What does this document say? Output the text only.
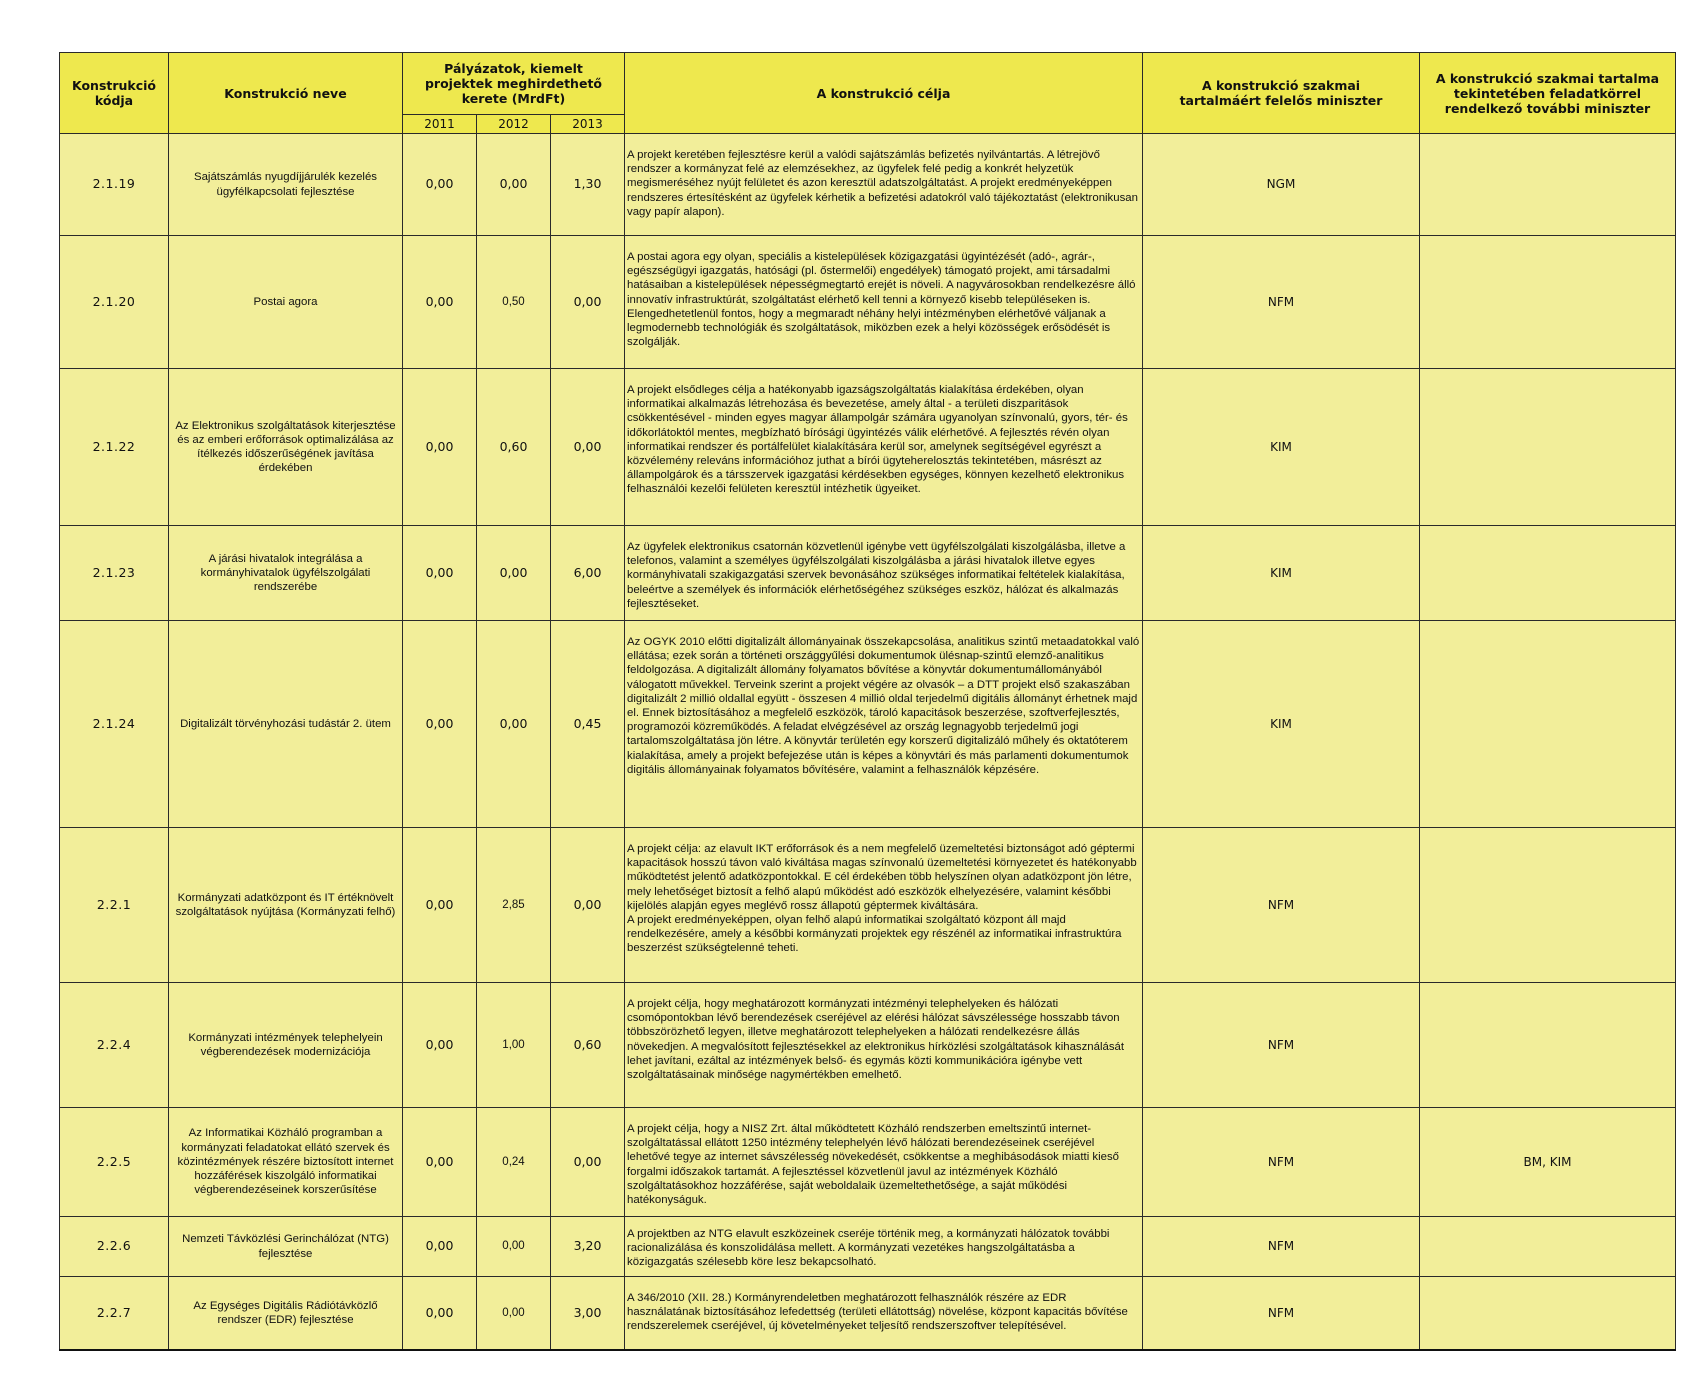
Konstrukció kódja	Konstrukció neve	Pályázatok, kiemelt projektek meghirdethető kerete (MrdFt)			A konstrukció célja	A konstrukció szakmai tartalmáért felelős miniszter	A konstrukció szakmai tartalma tekintetében feladatkörrel rendelkező további miniszter
		2011	2012	2013			
2.1.19	Sajátszámlás nyugdíjjárulék kezelés ügyfélkapcsolati fejlesztése	0,00	0,00	1,30	A projekt keretében fejlesztésre kerül a valódi sajátszámlás befizetés nyilvántartás. A létrejövő rendszer a kormányzat felé az elemzésekhez, az ügyfelek felé pedig a konkrét helyzetük megismeréséhez nyújt felületet és azon keresztül adatszolgáltatást. A projekt eredményeképpen rendszeres értesítésként az ügyfelek kérhetik a befizetési adatokról való tájékoztatást (elektronikusan vagy papír alapon).	NGM	
2.1.20	Postai agora	0,00	0,50	0,00	A postai agora egy olyan, speciális a kistelepülések közigazgatási ügyintézését (adó-, agrár-, egészségügyi igazgatás, hatósági (pl. őstermelői) engedélyek) támogató projekt, ami társadalmi hatásaiban a kistelepülések népességmegtartó erejét is növeli. A nagyvárosokban rendelkezésre álló innovatív infrastruktúrát, szolgáltatást elérhető kell tenni a környező kisebb településeken is. Elengedhetetlenül fontos, hogy a megmaradt néhány helyi intézményben elérhetővé váljanak a legmodernebb technológiák és szolgáltatások, miközben ezek a helyi közösségek erősödését is szolgálják.	NFM	
2.1.22	Az Elektronikus szolgáltatások kiterjesztése és az emberi erőforrások optimalizálása az ítélkezés időszerűségének javítása érdekében	0,00	0,60	0,00	A projekt elsődleges célja a hatékonyabb igazságszolgáltatás kialakítása érdekében, olyan informatikai alkalmazás létrehozása és bevezetése, amely által - a területi diszparitások csökkentésével - minden egyes magyar állampolgár számára ugyanolyan színvonalú, gyors, tér- és időkorlátoktól mentes, megbízható bírósági ügyintézés válik elérhetővé. A fejlesztés révén olyan informatikai rendszer és portálfelület kialakítására kerül sor, amelynek segítségével egyrészt a közvélemény releváns információhoz juthat a bírói ügyteherelosztás tekintetében, másrészt az állampolgárok és a társszervek igazgatási kérdésekben egységes, könnyen kezelhető elektronikus felhasználói kezelői felületen keresztül intézhetik ügyeiket.	KIM	
2.1.23	A járási hivatalok integrálása a kormányhivatalok ügyfélszolgálati rendszerébe	0,00	0,00	6,00	Az ügyfelek elektronikus csatornán közvetlenül igénybe vett ügyfélszolgálati kiszolgálásba, illetve a telefonos, valamint a személyes ügyfélszolgálati kiszolgálásba a járási hivatalok illetve egyes kormányhivatali szakigazgatási szervek bevonásához szükséges informatikai feltételek kialakítása, beleértve a személyek és információk elérhetőségéhez szükséges eszköz, hálózat és alkalmazás fejlesztéseket.	KIM	
2.1.24	Digitalizált törvényhozási tudástár 2. ütem	0,00	0,00	0,45	Az OGYK 2010 előtti digitalizált állományainak összekapcsolása, analitikus szintű metaadatokkal való ellátása; ezek során a történeti országgyűlési dokumentumok ülésnap-szintű elemző-analitikus feldolgozása. A digitalizált állomány folyamatos bővítése a könyvtár dokumentumállományából válogatott művekkel. Terveink szerint a projekt végére az olvasók – a DTT projekt első szakaszában digitalizált 2 millió oldallal együtt - összesen 4 millió oldal terjedelmű digitális állományt érhetnek majd el. Ennek biztosításához a megfelelő eszközök, tároló kapacitások beszerzése, szoftverfejlesztés, programozói közreműködés. A feladat elvégzésével az ország legnagyobb terjedelmű jogi tartalomszolgáltatása jön létre. A könyvtár területén egy korszerű digitalizáló műhely és oktatóterem kialakítása, amely a projekt befejezése után is képes a könyvtári és más parlamenti dokumentumok digitális állományainak folyamatos bővítésére, valamint a felhasználók képzésére.	KIM	
2.2.1	Kormányzati adatközpont és IT értéknövelt szolgáltatások nyújtása (Kormányzati felhő)	0,00	2,85	0,00	A projekt célja: az elavult IKT erőforrások és a nem megfelelő üzemeltetési biztonságot adó géptermi kapacitások hosszú távon való kiváltása magas színvonalú üzemeltetési környezetet és hatékonyabb működtetést jelentő adatközpontokkal. E cél érdekében több helyszínen olyan adatközpont jön létre, mely lehetőséget biztosít a felhő alapú működést adó eszközök elhelyezésére, valamint későbbi kijelölés alapján egyes meglévő rossz állapotú géptermek kiváltására.
A projekt eredményeképpen, olyan felhő alapú informatikai szolgáltató központ áll majd rendelkezésére, amely a későbbi kormányzati projektek egy részénél az informatikai infrastruktúra beszerzést szükségtelenné teheti.	NFM	
2.2.4	Kormányzati intézmények telephelyein végberendezések modernizációja	0,00	1,00	0,60	A projekt célja, hogy meghatározott kormányzati intézményi telephelyeken és hálózati csomópontokban lévő berendezések cseréjével az elérési hálózat sávszélessége hosszabb távon többszörözhető legyen, illetve meghatározott telephelyeken a hálózati rendelkezésre állás növekedjen. A megvalósított fejlesztésekkel az elektronikus hírközlési szolgáltatások kihasználását lehet javítani, ezáltal az intézmények belső- és egymás közti kommunikációra igénybe vett szolgáltatásainak minősége nagymértékben emelhető.	NFM	
2.2.5	Az Informatikai Közháló programban a kormányzati feladatokat ellátó szervek és közintézmények részére biztosított internet hozzáférések kiszolgáló informatikai végberendezéseinek korszerűsítése	0,00	0,24	0,00	A projekt célja, hogy a NISZ Zrt. által működtetett Közháló rendszerben emeltszintű internet-szolgáltatással ellátott 1250 intézmény telephelyén lévő hálózati berendezéseinek cseréjével lehetővé tegye az internet sávszélesség növekedését, csökkentse a meghibásodások miatti kieső forgalmi időszakok tartamát. A fejlesztéssel közvetlenül javul az intézmények Közháló szolgáltatásokhoz hozzáférése, saját weboldalaik üzemeltethetősége, a saját működési hatékonyságuk.	NFM	BM, KIM
2.2.6	Nemzeti Távközlési Gerinchálózat (NTG) fejlesztése	0,00	0,00	3,20	A projektben az NTG elavult eszközeinek cseréje történik meg, a kormányzati hálózatok további racionalizálása és konszolidálása mellett. A kormányzati vezetékes hangszolgáltatásba a közigazgatás szélesebb köre lesz bekapcsolható.	NFM	
2.2.7	Az Egységes Digitális Rádiótávközlő rendszer (EDR) fejlesztése	0,00	0,00	3,00	A 346/2010 (XII. 28.) Kormányrendeletben meghatározott felhasználók részére az EDR használatának biztosításához lefedettség (területi ellátottság) növelése, központ kapacitás bővítése rendszerelemek cseréjével, új követelményeket teljesítő rendszerszoftver telepítésével.	NFM	
